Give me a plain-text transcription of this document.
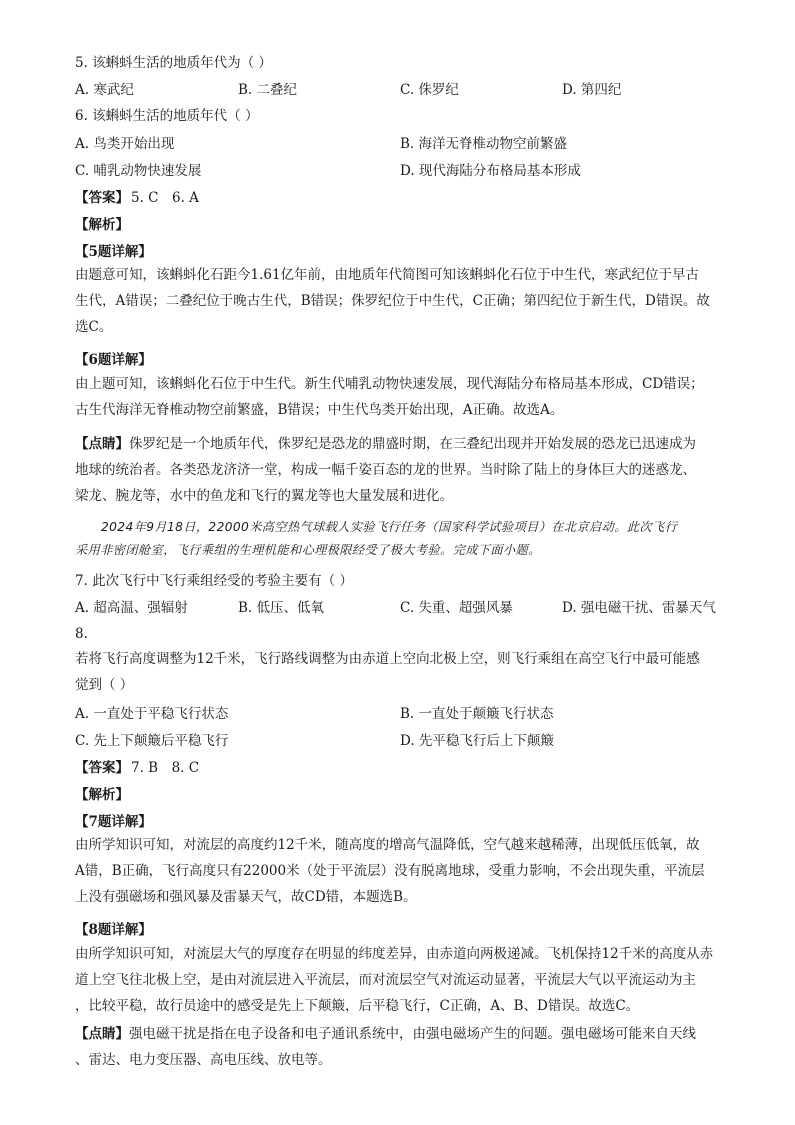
5. 该蝌蚪生活的地质年代为（ ）
A. 寒武纪	B. 二叠纪	C. 侏罗纪	D. 第四纪
6. 该蝌蚪生活的地质年代（ ）
A. 鸟类开始出现	B. 海洋无脊椎动物空前繁盛
C. 哺乳动物快速发展	D. 现代海陆分布格局基本形成
【答案】 5. C　6. A
【解析】
【5题详解】

由题意可知，该蝌蚪化石距今1.61亿年前，由地质年代简图可知该蝌蚪化石位于中生代，寒武纪位于早古

生代，A错误；二叠纪位于晚古生代，B错误；侏罗纪位于中生代，C正确；第四纪位于新生代，D错误。故

选C。

【6题详解】

由上题可知，该蝌蚪化石位于中生代。新生代哺乳动物快速发展，现代海陆分布格局基本形成，CD错误；

古生代海洋无脊椎动物空前繁盛，B错误；中生代鸟类开始出现，A正确。故选A。

【点睛】侏罗纪是一个地质年代，侏罗纪是恐龙的鼎盛时期，在三叠纪出现并开始发展的恐龙已迅速成为

地球的统治者。各类恐龙济济一堂，构成一幅千姿百态的龙的世界。当时除了陆上的身体巨大的迷惑龙、

梁龙、腕龙等，水中的鱼龙和飞行的翼龙等也大量发展和进化。

2024年9月18日，22000米高空热气球载人实验飞行任务（国家科学试验项目）在北京启动。此次飞行
采用非密闭舱室，飞行乘组的生理机能和心理极限经受了极大考验。完成下面小题。
7. 此次飞行中飞行乘组经受的考验主要有（ ）
A. 超高温、强辐射	B. 低压、低氧	C. 失重、超强风暴	D. 强电磁干扰、雷暴天气
8.

若将飞行高度调整为12千米，飞行路线调整为由赤道上空向北极上空，则飞行乘组在高空飞行中最可能感

觉到（ ）

A. 一直处于平稳飞行状态	B. 一直处于颠簸飞行状态
C. 先上下颠簸后平稳飞行	D. 先平稳飞行后上下颠簸
【答案】 7. B　8. C
【解析】
【7题详解】

由所学知识可知，对流层的高度约12千米，随高度的增高气温降低，空气越来越稀薄，出现低压低氧，故

A错，B正确，飞行高度只有22000米（处于平流层）没有脱离地球，受重力影响，不会出现失重，平流层

上没有强磁场和强风暴及雷暴天气，故CD错，本题选B。

【8题详解】

由所学知识可知，对流层大气的厚度存在明显的纬度差异，由赤道向两极递减。飞机保持12千米的高度从赤

道上空飞往北极上空，是由对流层进入平流层，而对流层空气对流运动显著，平流层大气以平流运动为主

，比较平稳，故行员途中的感受是先上下颠簸，后平稳飞行，C正确，A、B、D错误。故选C。

【点睛】强电磁干扰是指在电子设备和电子通讯系统中，由强电磁场产生的问题。强电磁场可能来自天线

、雷达、电力变压器、高电压线、放电等。
